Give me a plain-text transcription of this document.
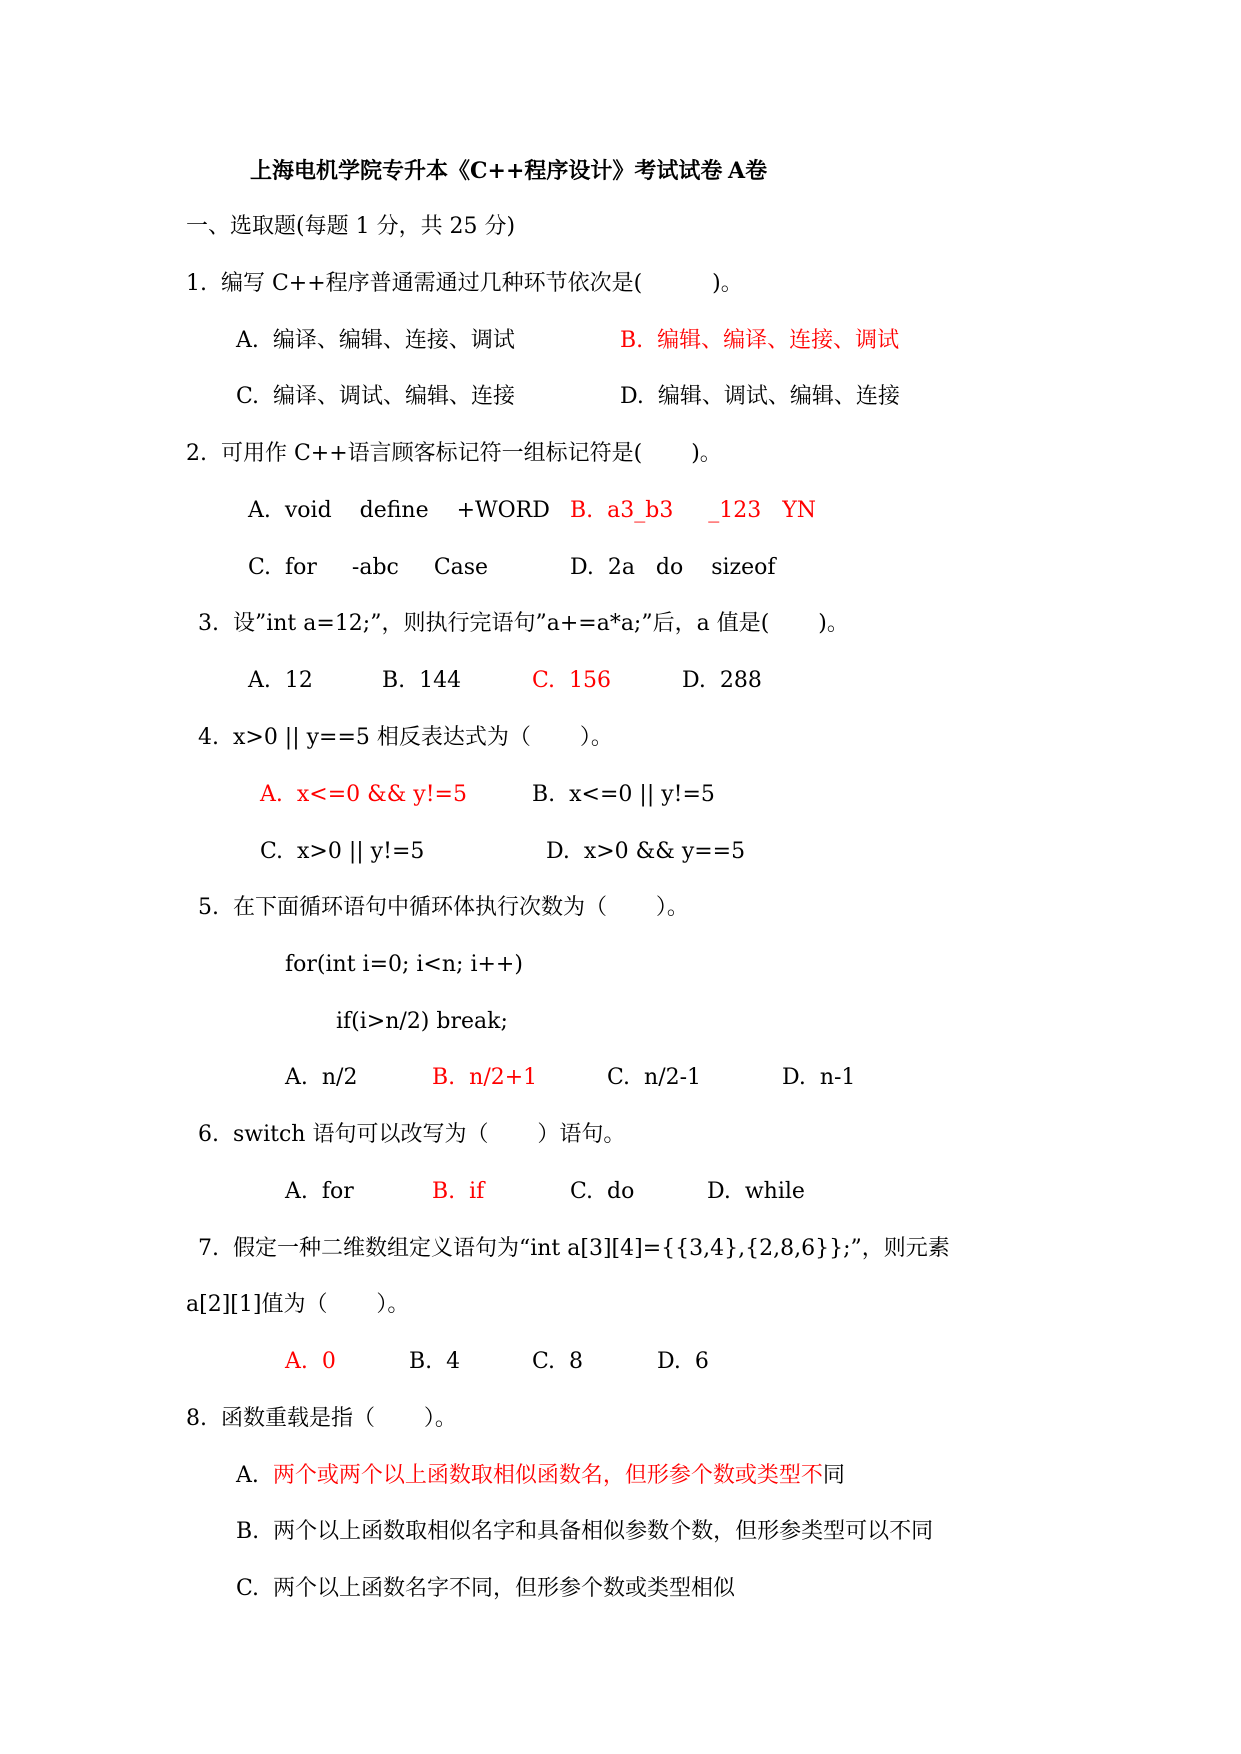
上海电机学院专升本《C++程序设计》考试试卷 A卷
一、选取题(每题 1 分，共 25 分)
1.  编写 C++程序普通需通过几种环节依次是(          )。
A.  编译、编辑、连接、调试	B.  编辑、编译、连接、调试
C.  编译、调试、编辑、连接	D.  编辑、调试、编辑、连接
2.  可用作 C++语言顾客标记符一组标记符是(       )。
A.  void    define    +WORD B.  a3_b3     _123   YN
C.  for     -abc     Case	D.  2a   do    sizeof
3.  设”int a=12;”，则执行完语句”a+=a*a;”后，a 值是(       )。
A.  12	B.  144	C.  156	D.  288
4.  x>0 || y==5 相反表达式为（       ）。
A.  x<=0 && y!=5	B.  x<=0 || y!=5
C.  x>0 || y!=5	D.  x>0 && y==5
5.  在下面循环语句中循环体执行次数为（       ）。
for(int i=0; i<n; i++)
if(i>n/2) break;
A.  n/2	B.  n/2+1	C.  n/2-1	D.  n-1
6.  switch 语句可以改写为（       ）语句。
A.  for	B.  if	C.  do	D.  while
7.  假定一种二维数组定义语句为“int a[3][4]={{3,4},{2,8,6}};”，则元素
a[2][1]值为（       ）。
A.  0	B.  4	C.  8	D.  6
8.  函数重载是指（       ）。
A.  两个或两个以上函数取相似函数名，但形参个数或类型不同
B.  两个以上函数取相似名字和具备相似参数个数，但形参类型可以不同
C.  两个以上函数名字不同，但形参个数或类型相似
